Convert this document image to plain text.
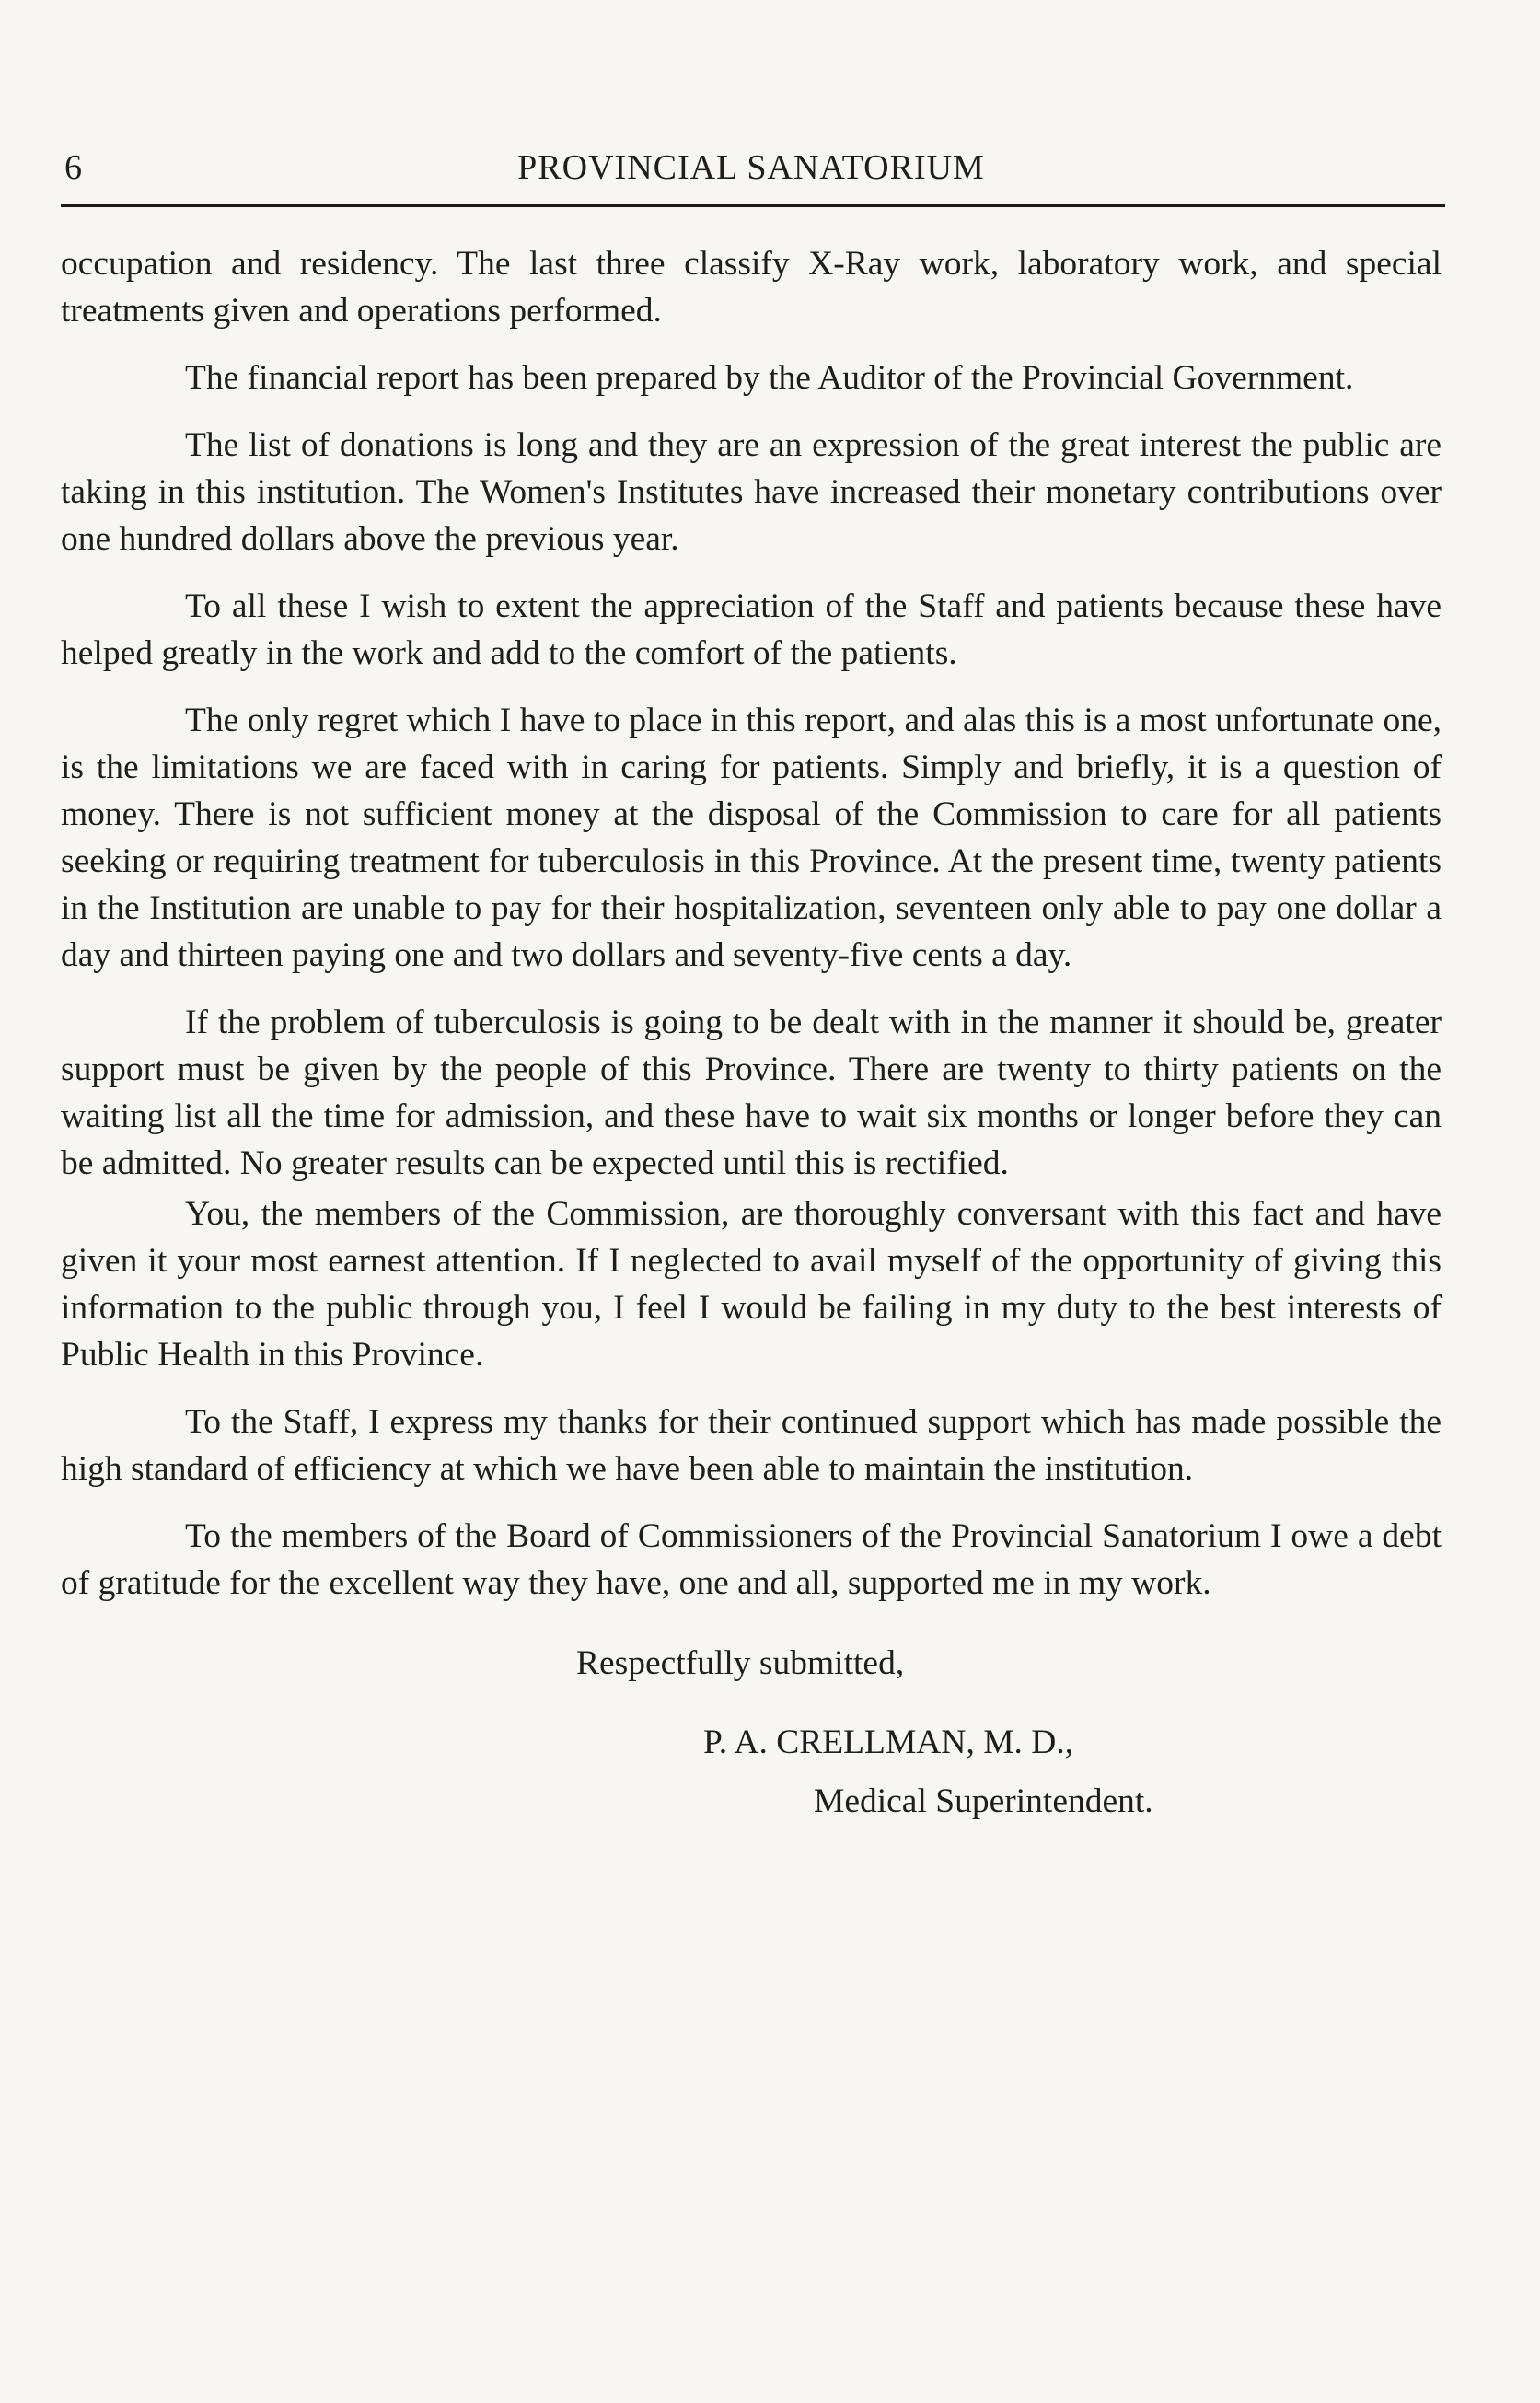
6	PROVINCIAL SANATORIUM

occupation and residency. The last three classify X-Ray work, laboratory work, and special treatments given and operations performed.

The financial report has been prepared by the Auditor of the Provincial Government.

The list of donations is long and they are an expression of the great interest the public are taking in this institution. The Women's Institutes have increased their monetary contributions over one hundred dollars above the previous year.

To all these I wish to extent the appreciation of the Staff and patients because these have helped greatly in the work and add to the comfort of the patients.

The only regret which I have to place in this report, and alas this is a most unfortunate one, is the limitations we are faced with in caring for patients. Simply and briefly, it is a question of money. There is not sufficient money at the disposal of the Commission to care for all patients seeking or requiring treatment for tuberculosis in this Province. At the present time, twenty patients in the Institution are unable to pay for their hospitalization, seventeen only able to pay one dollar a day and thirteen paying one and two dollars and seventy-five cents a day.

If the problem of tuberculosis is going to be dealt with in the manner it should be, greater support must be given by the people of this Province. There are twenty to thirty patients on the waiting list all the time for admission, and these have to wait six months or longer before they can be admitted. No greater results can be expected until this is rectified.

You, the members of the Commission, are thoroughly conversant with this fact and have given it your most earnest attention. If I neglected to avail myself of the opportunity of giving this information to the public through you, I feel I would be failing in my duty to the best interests of Public Health in this Province.

To the Staff, I express my thanks for their continued support which has made possible the high standard of efficiency at which we have been able to maintain the institution.

To the members of the Board of Commissioners of the Provincial Sanatorium I owe a debt of gratitude for the excellent way they have, one and all, supported me in my work.

Respectfully submitted,
P. A. CRELLMAN, M. D.,
Medical Superintendent.
